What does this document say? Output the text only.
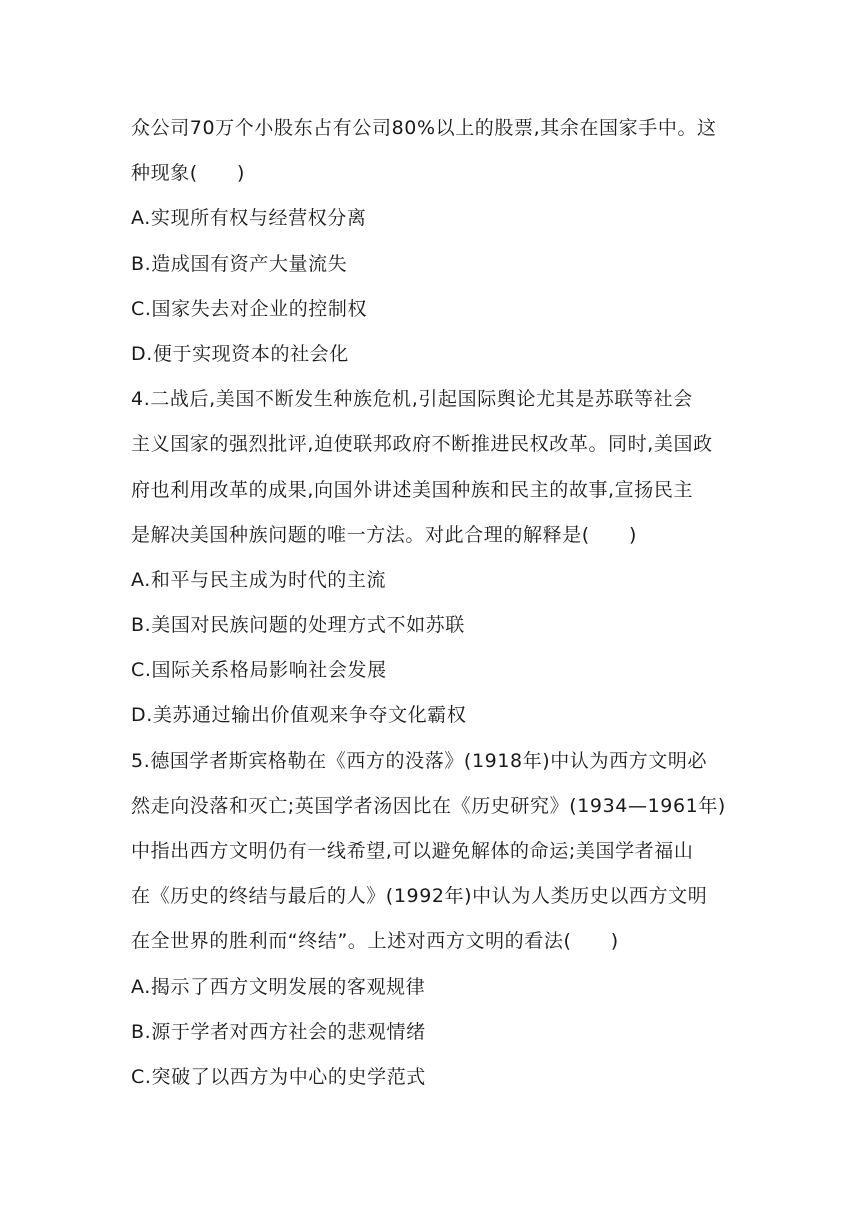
众公司70万个小股东占有公司80%以上的股票,其余在国家手中。这
种现象(　　)
A.实现所有权与经营权分离
B.造成国有资产大量流失
C.国家失去对企业的控制权
D.便于实现资本的社会化
4.二战后,美国不断发生种族危机,引起国际舆论尤其是苏联等社会
主义国家的强烈批评,迫使联邦政府不断推进民权改革。同时,美国政
府也利用改革的成果,向国外讲述美国种族和民主的故事,宣扬民主
是解决美国种族问题的唯一方法。对此合理的解释是(　　)
A.和平与民主成为时代的主流
B.美国对民族问题的处理方式不如苏联
C.国际关系格局影响社会发展
D.美苏通过输出价值观来争夺文化霸权
5.德国学者斯宾格勒在《西方的没落》(1918年)中认为西方文明必
然走向没落和灭亡;英国学者汤因比在《历史研究》(1934—1961年)
中指出西方文明仍有一线希望,可以避免解体的命运;美国学者福山
在《历史的终结与最后的人》(1992年)中认为人类历史以西方文明
在全世界的胜利而“终结”。上述对西方文明的看法(　　)
A.揭示了西方文明发展的客观规律
B.源于学者对西方社会的悲观情绪
C.突破了以西方为中心的史学范式
